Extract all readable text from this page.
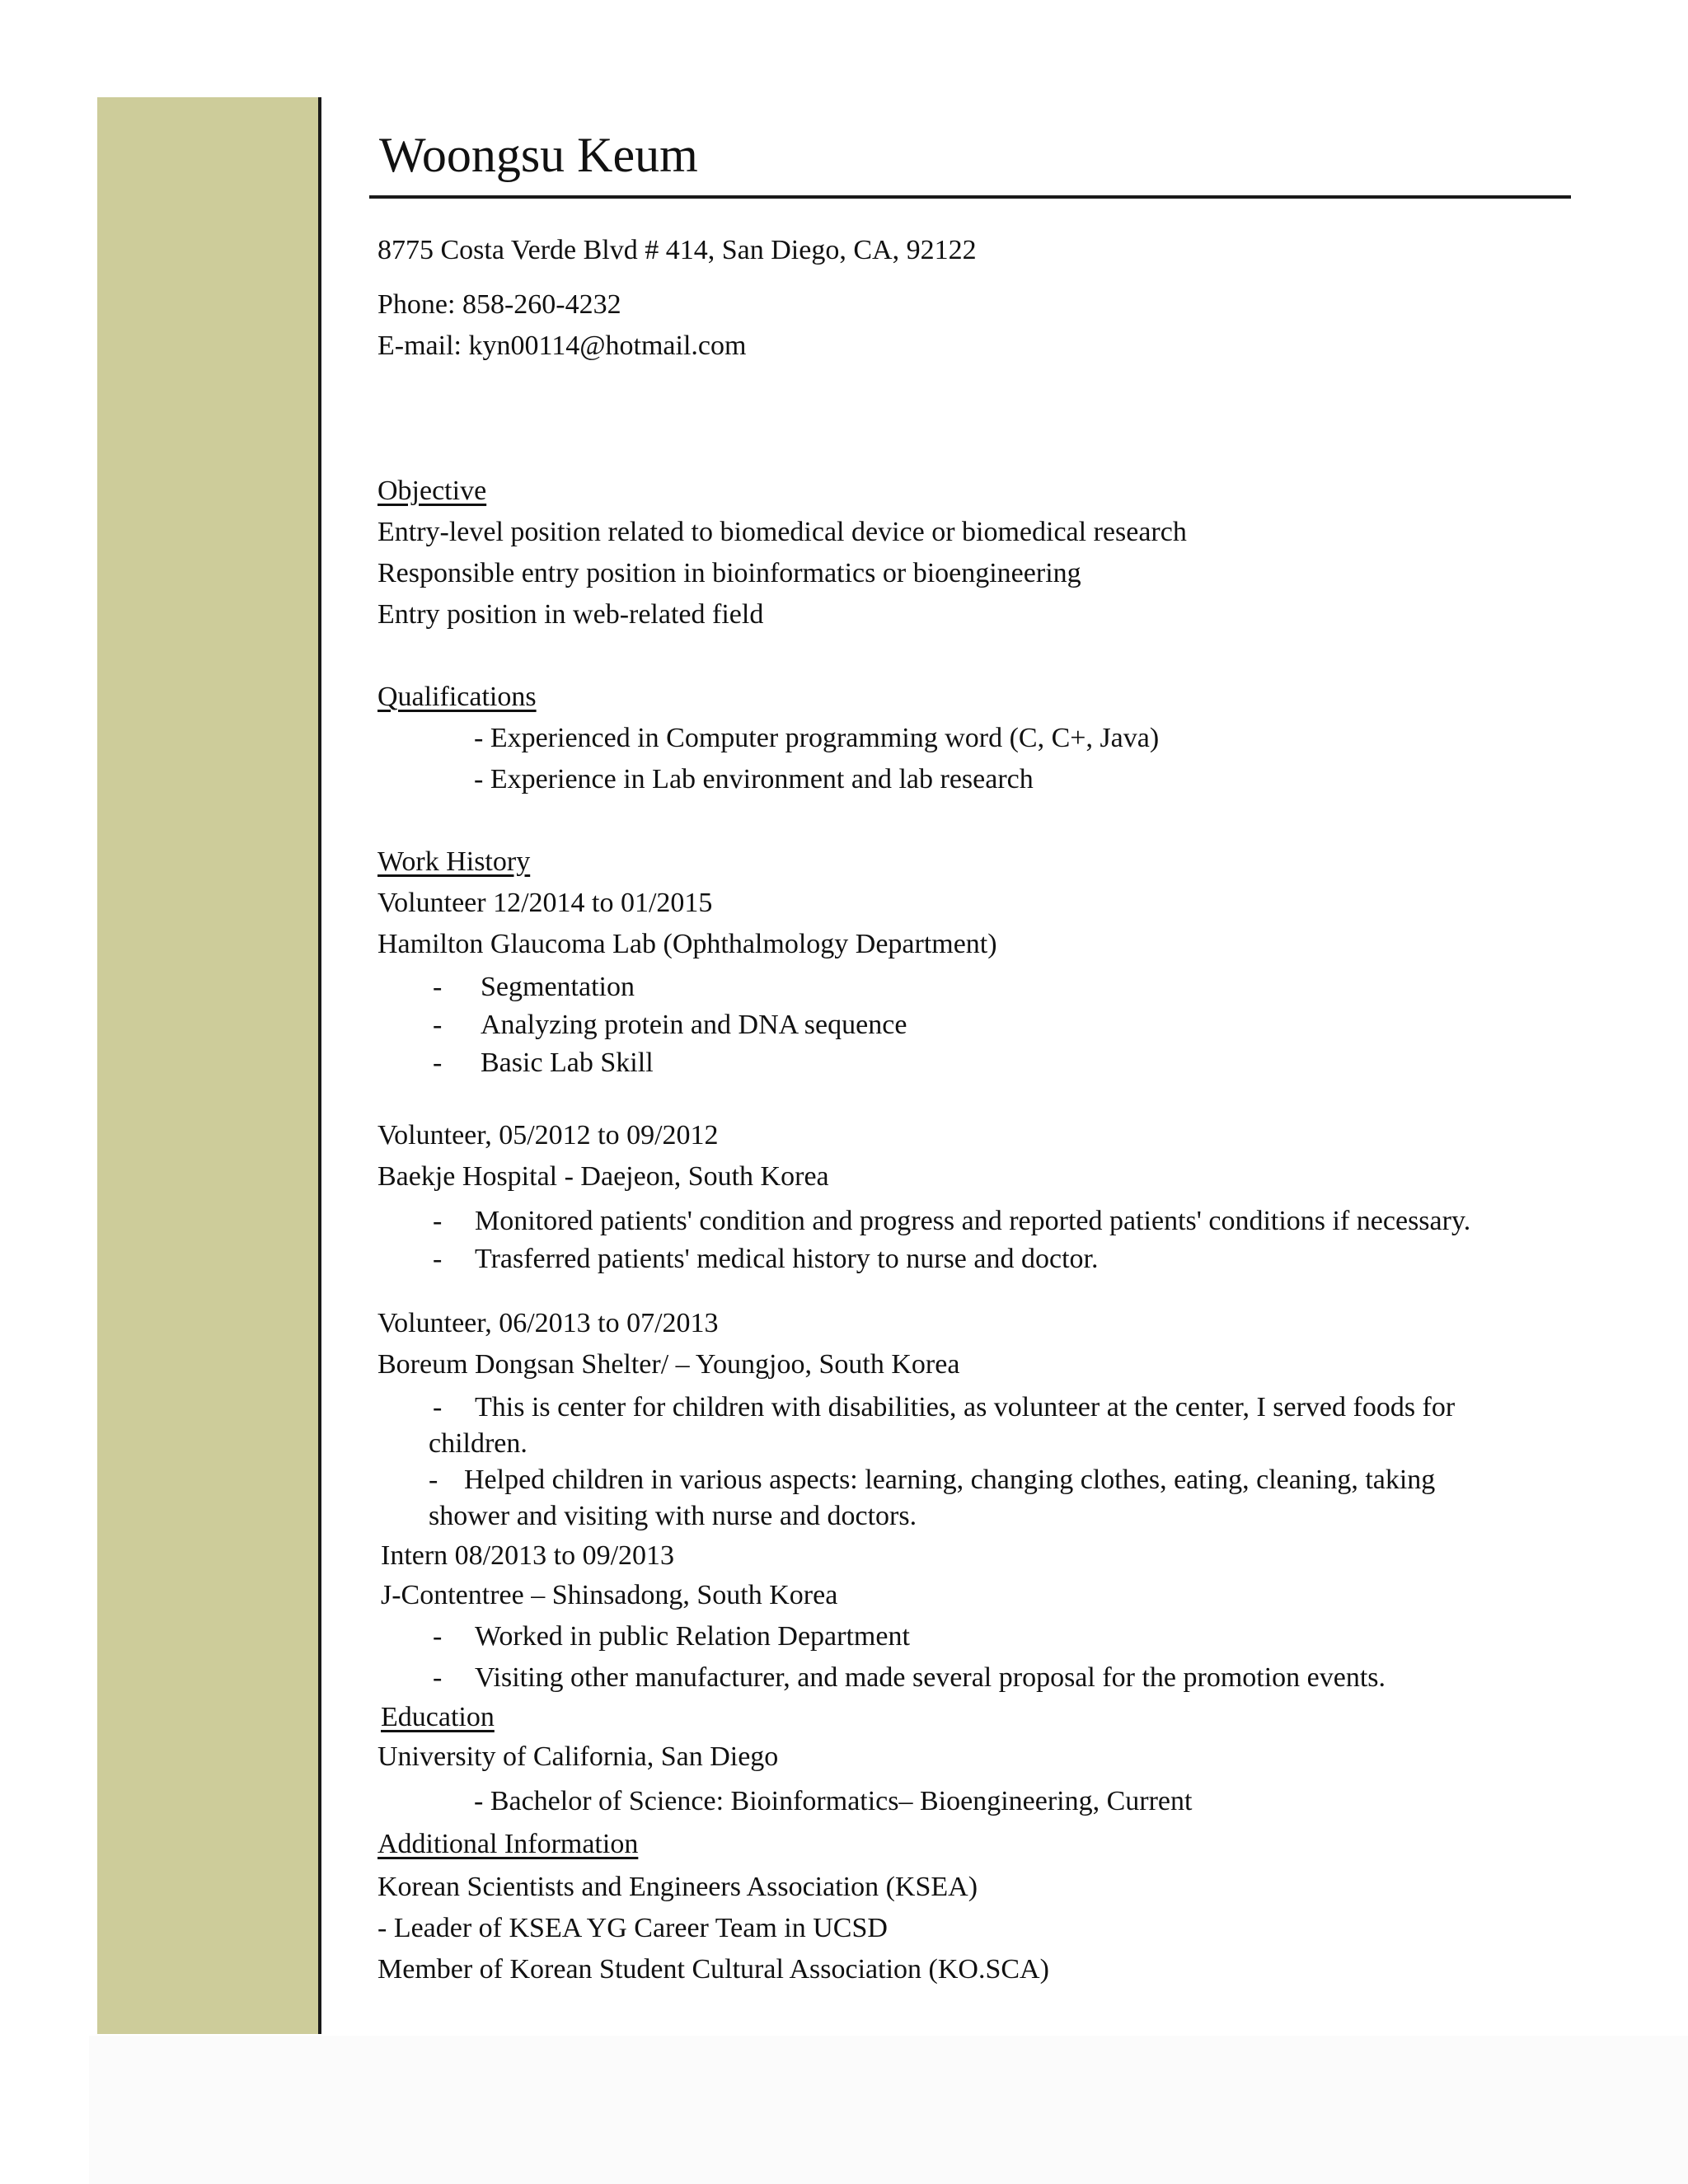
Woongsu Keum
8775 Costa Verde Blvd # 414, San Diego, CA, 92122
Phone: 858-260-4232
E-mail: kyn00114@hotmail.com
Objective
Entry-level position related to biomedical device or biomedical research
Responsible entry position in bioinformatics or bioengineering
Entry position in web-related field
Qualifications
- Experienced in Computer programming word (C, C+, Java)
- Experience in Lab environment and lab research
Work History
Volunteer 12/2014 to 01/2015
Hamilton Glaucoma Lab (Ophthalmology Department)
- Segmentation
- Analyzing protein and DNA sequence
- Basic Lab Skill
Volunteer, 05/2012 to 09/2012
Baekje Hospital - Daejeon, South Korea
- Monitored patients' condition and progress and reported patients' conditions if necessary.
- Trasferred patients' medical history to nurse and doctor.
Volunteer, 06/2013 to 07/2013
Boreum Dongsan Shelter/ – Youngjoo, South Korea
- This is center for children with disabilities, as volunteer at the center, I served foods for
children.
- Helped children in various aspects: learning, changing clothes, eating, cleaning, taking
shower and visiting with nurse and doctors.
Intern 08/2013 to 09/2013
J-Contentree – Shinsadong, South Korea
- Worked in public Relation Department
- Visiting other manufacturer, and made several proposal for the promotion events.
Education
University of California, San Diego
- Bachelor of Science: Bioinformatics– Bioengineering, Current
Additional Information
Korean Scientists and Engineers Association (KSEA)
- Leader of KSEA YG Career Team in UCSD
Member of Korean Student Cultural Association (KO.SCA)
